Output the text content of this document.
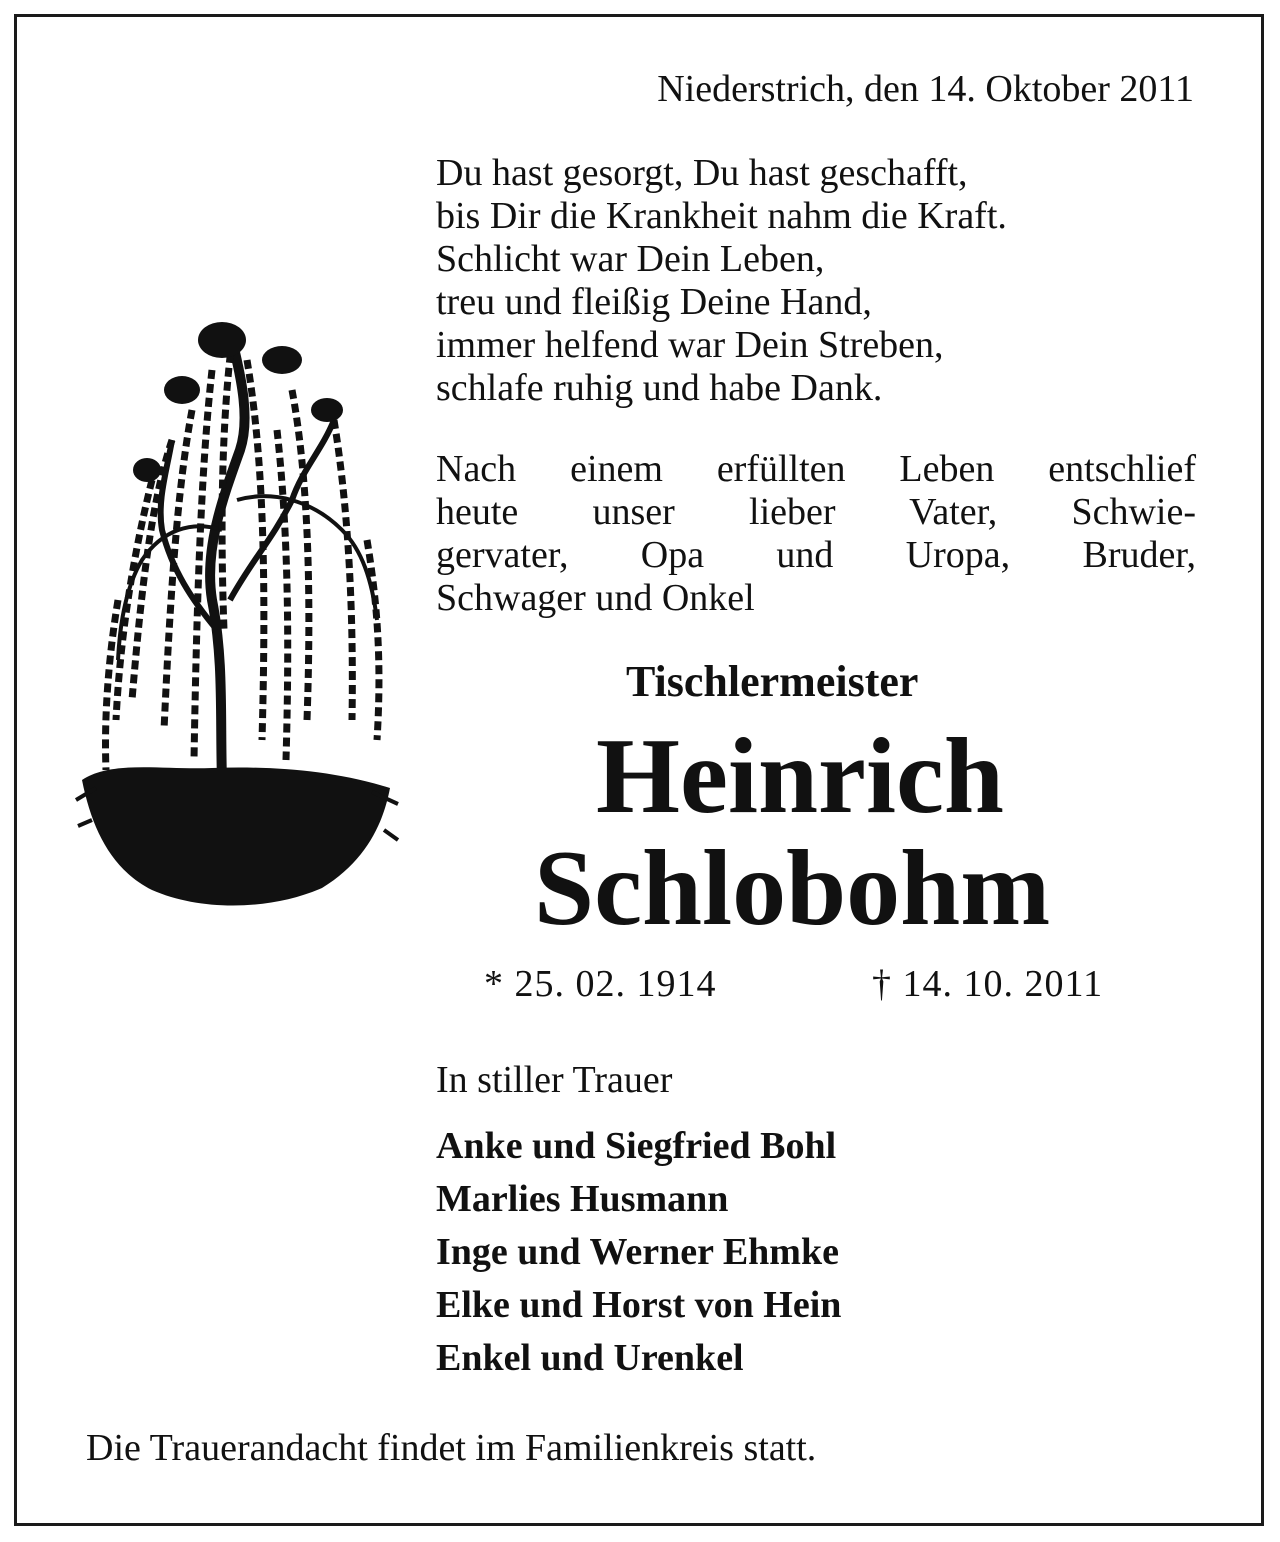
Niederstrich, den 14. Oktober 2011
Du hast gesorgt, Du hast geschafft,
bis Dir die Krankheit nahm die Kraft.
Schlicht war Dein Leben,
treu und fleißig Deine Hand,
immer helfend war Dein Streben,
schlafe ruhig und habe Dank.
Nach einem erfüllten Leben entschlief
heute unser lieber Vater, Schwie-
gervater, Opa und Uropa, Bruder,
Schwager und Onkel
Tischlermeister
Heinrich
Schlobohm
* 25. 02. 1914	† 14. 10. 2011
In stiller Trauer
Anke und Siegfried Bohl
Marlies Husmann
Inge und Werner Ehmke
Elke und Horst von Hein
Enkel und Urenkel
Die Trauerandacht findet im Familienkreis statt.
